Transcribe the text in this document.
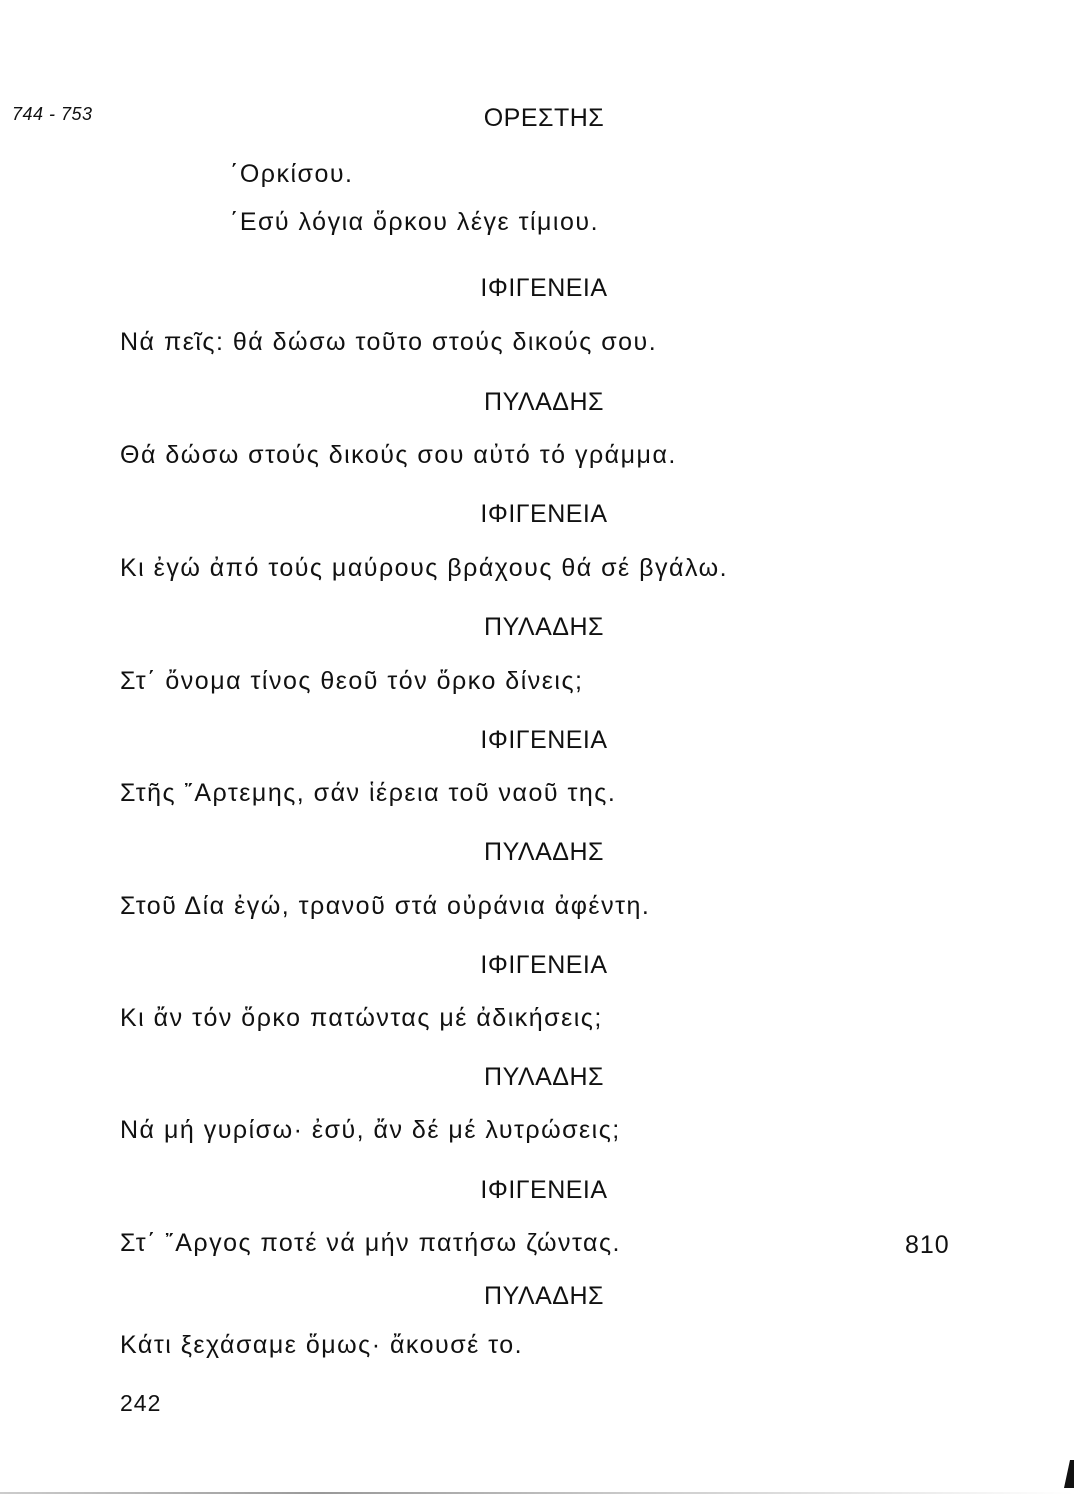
744 - 753	ΟΡΕΣΤΗΣ
΄Ορκίσου.
΄Εσύ λόγια ὅρκου λέγε τίμιου.
ΙΦΙΓΕΝΕΙΑ
Νά πεῖς: θά δώσω τοῦτο στούς δικούς σου.
ΠΥΛΑΔΗΣ
Θά δώσω στούς δικούς σου αὐτό τό γράμμα.
ΙΦΙΓΕΝΕΙΑ
Κι ἐγώ ἀπό τούς μαύρους βράχους θά σέ βγάλω.
ΠΥΛΑΔΗΣ
Στ΄ ὄνομα τίνος θεοῦ τόν ὅρκο δίνεις;
ΙΦΙΓΕΝΕΙΑ
Στῆς ῎Αρτεμης, σάν ἱέρεια τοῦ ναοῦ της.
ΠΥΛΑΔΗΣ
Στοῦ Δία ἐγώ, τρανοῦ στά οὐράνια ἀφέντη.
ΙΦΙΓΕΝΕΙΑ
Κι ἄν τόν ὅρκο πατώντας μέ ἀδικήσεις;
ΠΥΛΑΔΗΣ
Νά μή γυρίσω· ἐσύ, ἄν δέ μέ λυτρώσεις;
ΙΦΙΓΕΝΕΙΑ
Στ΄ ῎Αργος ποτέ νά μήν πατήσω ζώντας.	810
ΠΥΛΑΔΗΣ
Κάτι ξεχάσαμε ὅμως· ἄκουσέ το.
242
